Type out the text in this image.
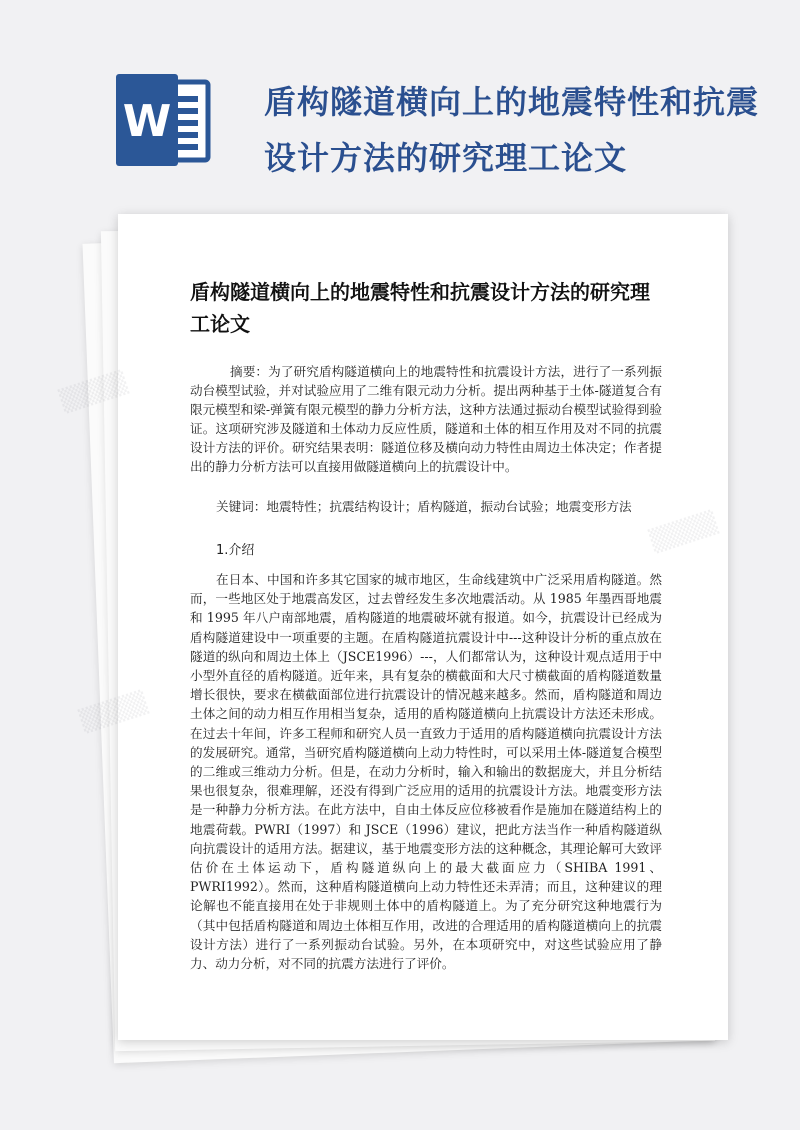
W	盾构隧道横向上的地震特性和抗震设计方法的研究理工论文
盾构隧道横向上的地震特性和抗震设计方法的研究理工论文
摘要：为了研究盾构隧道横向上的地震特性和抗震设计方法，进行了一系列振动台模型试验，并对试验应用了二维有限元动力分析。提出两种基于土体-隧道复合有限元模型和梁-弹簧有限元模型的静力分析方法，这种方法通过振动台模型试验得到验证。这项研究涉及隧道和土体动力反应性质，隧道和土体的相互作用及对不同的抗震设计方法的评价。研究结果表明：隧道位移及横向动力特性由周边土体决定；作者提出的静力分析方法可以直接用做隧道横向上的抗震设计中。
关键词：地震特性；抗震结构设计；盾构隧道，振动台试验；地震变形方法
1.介绍
在日本、中国和许多其它国家的城市地区，生命线建筑中广泛采用盾构隧道。然而，一些地区处于地震高发区，过去曾经发生多次地震活动。从 1985 年墨西哥地震和 1995 年八户南部地震，盾构隧道的地震破坏就有报道。如今，抗震设计已经成为盾构隧道建设中一项重要的主题。在盾构隧道抗震设计中---这种设计分析的重点放在隧道的纵向和周边土体上（JSCE1996）---，人们都常认为，这种设计观点适用于中小型外直径的盾构隧道。近年来，具有复杂的横截面和大尺寸横截面的盾构隧道数量增长很快，要求在横截面部位进行抗震设计的情况越来越多。然而，盾构隧道和周边土体之间的动力相互作用相当复杂，适用的盾构隧道横向上抗震设计方法还未形成。在过去十年间，许多工程师和研究人员一直致力于适用的盾构隧道横向抗震设计方法的发展研究。通常，当研究盾构隧道横向上动力特性时，可以采用土体-隧道复合模型的二维或三维动力分析。但是，在动力分析时，输入和输出的数据庞大，并且分析结果也很复杂，很难理解，还没有得到广泛应用的适用的抗震设计方法。地震变形方法是一种静力分析方法。在此方法中，自由土体反应位移被看作是施加在隧道结构上的地震荷载。PWRI（1997）和 JSCE（1996）建议，把此方法当作一种盾构隧道纵向抗震设计的适用方法。据建议，基于地震变形方法的这种概念，其理论解可大致评估价在土体运动下，盾构隧道纵向上的最大截面应力（SHIBA 1991、PWRI1992）。然而，这种盾构隧道横向上动力特性还未弄清；而且，这种建议的理论解也不能直接用在处于非规则土体中的盾构隧道上。为了充分研究这种地震行为（其中包括盾构隧道和周边土体相互作用，改进的合理适用的盾构隧道横向上的抗震设计方法）进行了一系列振动台试验。另外，在本项研究中，对这些试验应用了静力、动力分析，对不同的抗震方法进行了评价。
